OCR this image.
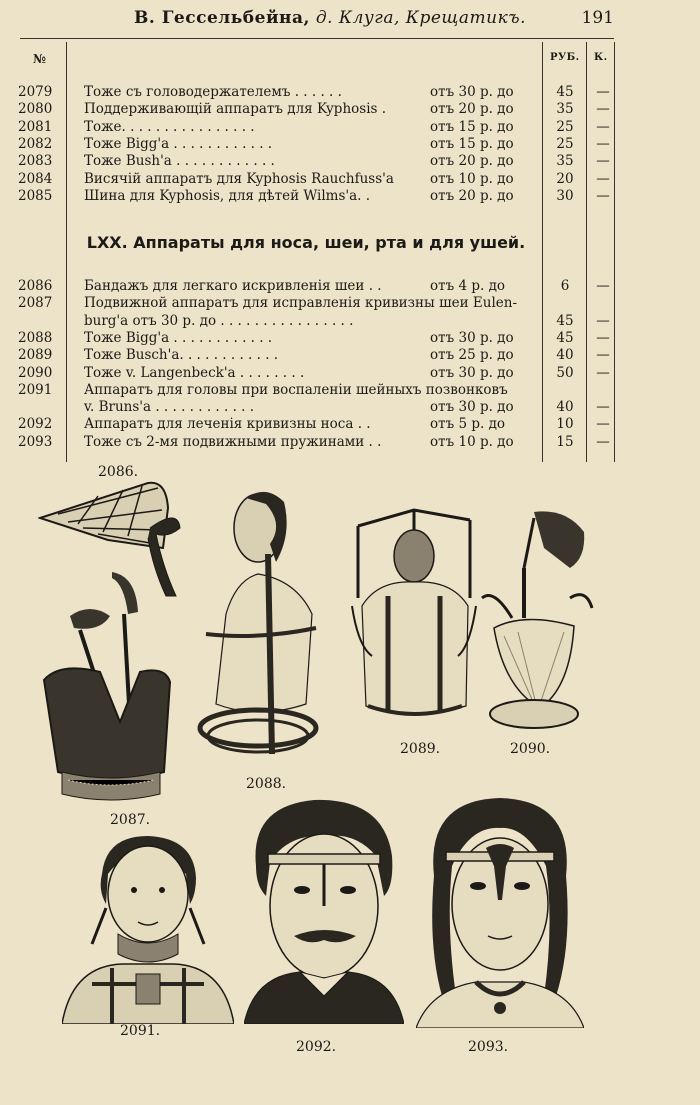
В. Гессельбейна, д. Клуга, Крещатикъ.	191
№	РУБ. К.
2079	Тоже съ головодержателемъ . . . . . .	отъ 30 р. до	45	—
2080	Поддерживающій аппаратъ для Kyphosis .	отъ 20 р. до	35	—
2081	Тоже. . . . . . . . . . . . . . . .	отъ 15 р. до	25	—
2082	Тоже Bigg'a . . . . . . . . . . . .	отъ 15 р. до	25	—
2083	Тоже Bush'a . . . . . . . . . . . .	отъ 20 р. до	35	—
2084	Висячій аппаратъ для Kyphosis Rauchfuss'a	отъ 10 р. до	20	—
2085	Шина для Kyphosis, для дѣтей Wilms'a. .	отъ 20 р. до	30	—
LXX. Аппараты для носа, шеи, рта и для ушей.
2086	Бандажъ для легкаго искривленія шеи . .	отъ 4 р. до	6	—
2087	Подвижной аппаратъ для исправленія кривизны шеи Eulen-
burg'a отъ 30 р. до . . . . . . . . . . . . . . . .	45	—
2088	Тоже Bigg'a . . . . . . . . . . . .	отъ 30 р. до	45	—
2089	Тоже Busch'a. . . . . . . . . . . .	отъ 25 р. до	40	—
2090	Тоже v. Langenbeck'a . . . . . . . .	отъ 30 р. до	50	—
2091	Аппаратъ для головы при воспаленіи шейныхъ позвонковъ
v. Bruns'a . . . . . . . . . . . .	отъ 30 р. до	40	—
2092	Аппаратъ для леченія кривизны носа . .	отъ 5 р. до	10	—
2093	Тоже съ 2-мя подвижными пружинами . .	отъ 10 р. до	15	—
2086.
2087.
2088.
2089.	2090.
2091.
2092.	2093.
